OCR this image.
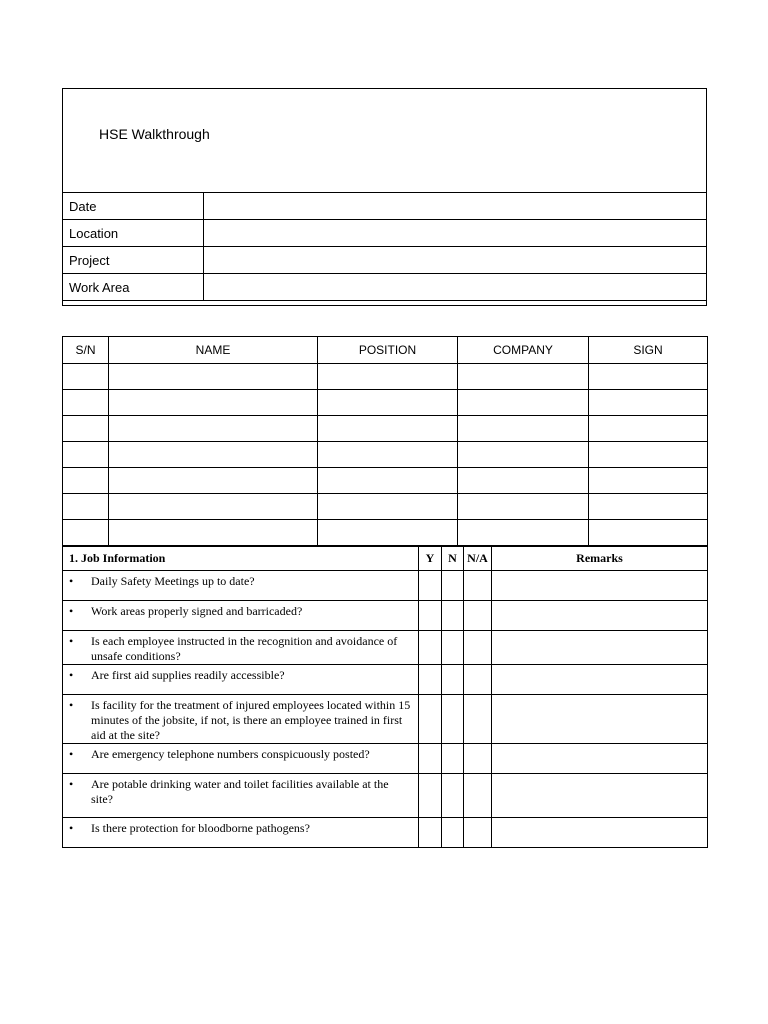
HSE Walkthrough
Date	
Location	
Project	
Work Area	
S/N	NAME	POSITION	COMPANY	SIGN

1. Job Information	Y	N	N/A	Remarks
• Daily Safety Meetings up to date?				
• Work areas properly signed and barricaded?				
• Is each employee instructed in the recognition and avoidance of unsafe conditions?				
• Are first aid supplies readily accessible?				
• Is facility for the treatment of injured employees located within 15 minutes of the jobsite, if not, is there an employee trained in first aid at the site?				
• Are emergency telephone numbers conspicuously posted?				
• Are potable drinking water and toilet facilities available at the site?				
• Is there protection for bloodborne pathogens?				
